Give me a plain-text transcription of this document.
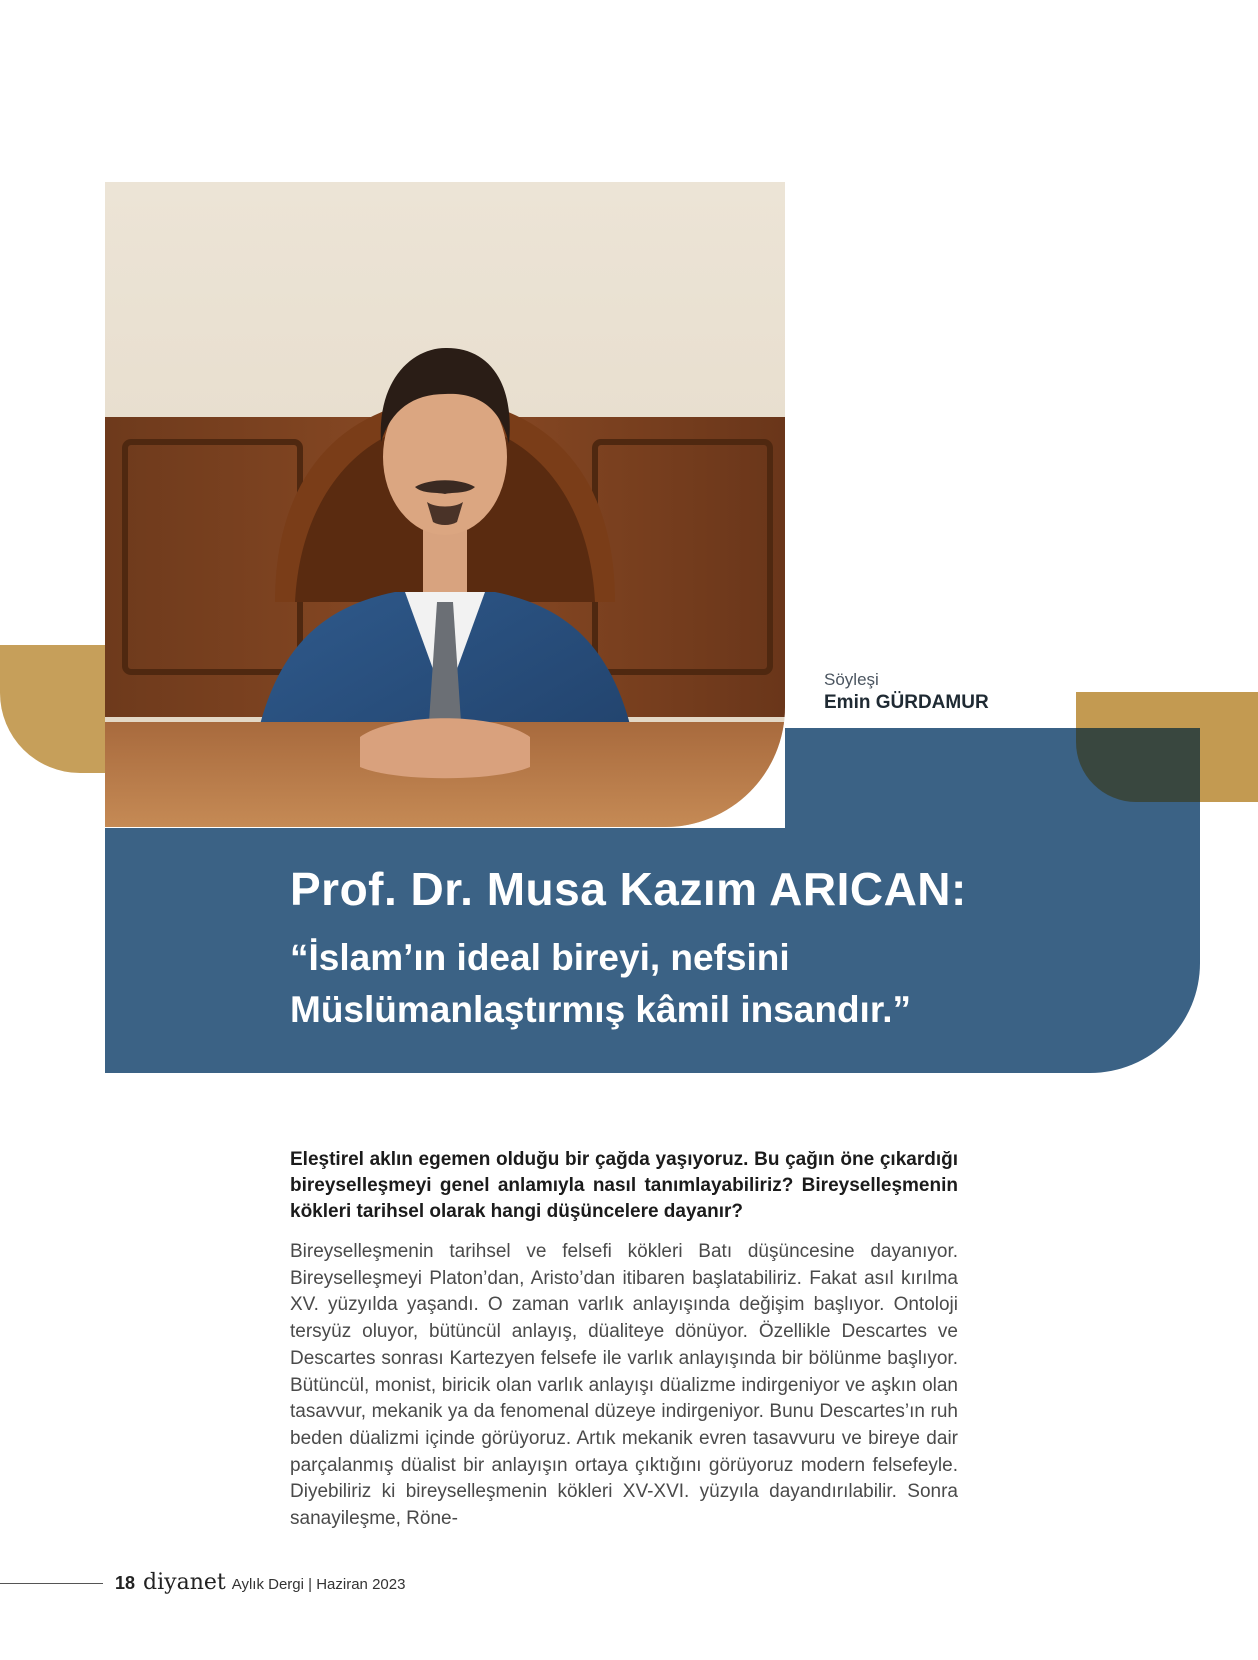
Söyleşi
Emin GÜRDAMUR
Prof. Dr. Musa Kazım ARICAN:
“İslam’ın ideal bireyi, nefsini
Müslümanlaştırmış kâmil insandır.”
Eleştirel aklın egemen olduğu bir çağda yaşıyoruz. Bu çağın öne çıkardığı bireyselleşmeyi genel anlamıyla nasıl tanımlayabiliriz? Bireyselleşmenin kökleri tarihsel olarak hangi düşüncelere dayanır?
Bireyselleşmenin tarihsel ve felsefi kökleri Batı düşüncesine dayanıyor. Bireyselleşmeyi Platon’dan, Aristo’dan itibaren başlatabiliriz. Fakat asıl kırılma XV. yüzyılda yaşandı. O zaman varlık anlayışında değişim başlıyor. Ontoloji tersyüz oluyor, bütüncül anlayış, düaliteye dönüyor. Özellikle Descartes ve Descartes sonrası Kartezyen felsefe ile varlık anlayışında bir bölünme başlıyor. Bütüncül, monist, biricik olan varlık anlayışı düalizme indirgeniyor ve aşkın olan tasavvur, mekanik ya da fenomenal düzeye indirgeniyor. Bunu Descartes’ın ruh beden düalizmi içinde görüyoruz. Artık mekanik evren tasavvuru ve bireye dair parçalanmış düalist bir anlayışın ortaya çıktığını görüyoruz modern felsefeyle. Diyebiliriz ki bireyselleşmenin kökleri XV-XVI. yüzyıla dayandırılabilir. Sonra sanayileşme, Röne-
18 diyanet Aylık Dergi | Haziran 2023
